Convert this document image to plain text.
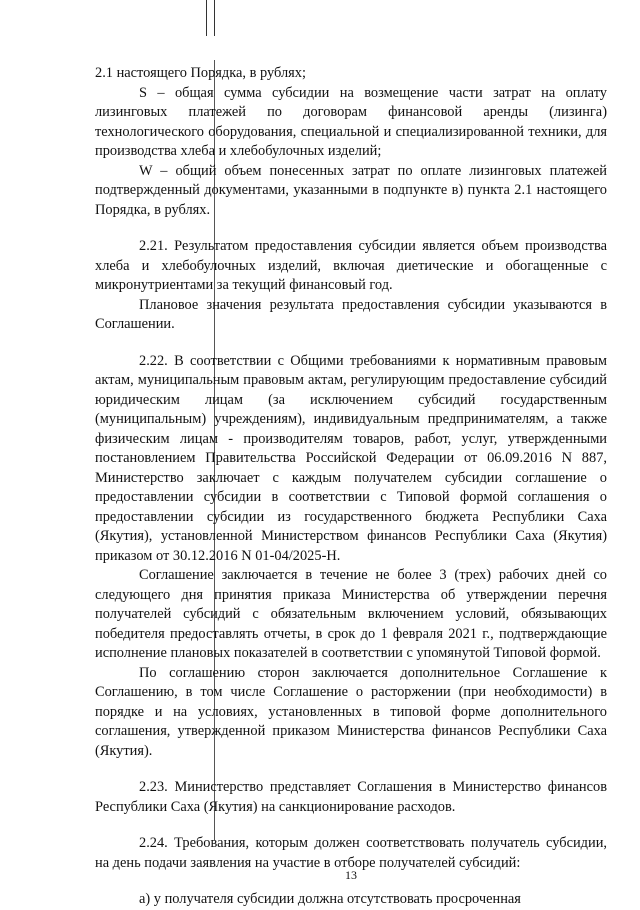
2.1 настоящего Порядка, в рублях;

S – общая сумма субсидии на возмещение части затрат на оплату лизинговых платежей по договорам финансовой аренды (лизинга) технологического оборудования, специальной и специализированной техники, для производства хлеба и хлебобулочных изделий;

W – общий объем понесенных затрат по оплате лизинговых платежей подтвержденный документами, указанными в подпункте в) пункта 2.1 настоящего Порядка, в рублях.

2.21. Результатом предоставления субсидии является объем производства хлеба и хлебобулочных изделий, включая диетические и обогащенные с микронутриентами за текущий финансовый год.

Плановое значения результата предоставления субсидии указываются в Соглашении.

2.22. В соответствии с Общими требованиями к нормативным правовым актам, муниципальным правовым актам, регулирующим предоставление субсидий юридическим лицам (за исключением субсидий государственным (муниципальным) учреждениям), индивидуальным предпринимателям, а также физическим лицам - производителям товаров, работ, услуг, утвержденными постановлением Правительства Российской Федерации от 06.09.2016 N 887, Министерство заключает с каждым получателем субсидии соглашение о предоставлении субсидии в соответствии с Типовой формой соглашения о предоставлении субсидии из государственного бюджета Республики Саха (Якутия), установленной Министерством финансов Республики Саха (Якутия) приказом от 30.12.2016 N 01-04/2025-Н.

Соглашение заключается в течение не более 3 (трех) рабочих дней со следующего дня принятия приказа Министерства об утверждении перечня получателей субсидий с обязательным включением условий, обязывающих победителя предоставлять отчеты, в срок до 1 февраля 2021 г., подтверждающие исполнение плановых показателей в соответствии с упомянутой Типовой формой.

По соглашению сторон заключается дополнительное Соглашение к Соглашению, в том числе Соглашение о расторжении (при необходимости) в порядке и на условиях, установленных в типовой форме дополнительного соглашения, утвержденной приказом Министерства финансов Республики Саха (Якутия).

2.23. Министерство представляет Соглашения в Министерство финансов Республики Саха (Якутия) на санкционирование расходов.

2.24. Требования, которым должен соответствовать получатель субсидии, на день подачи заявления на участие в отборе получателей субсидий:

а) у получателя субсидии должна отсутствовать просроченная

13
